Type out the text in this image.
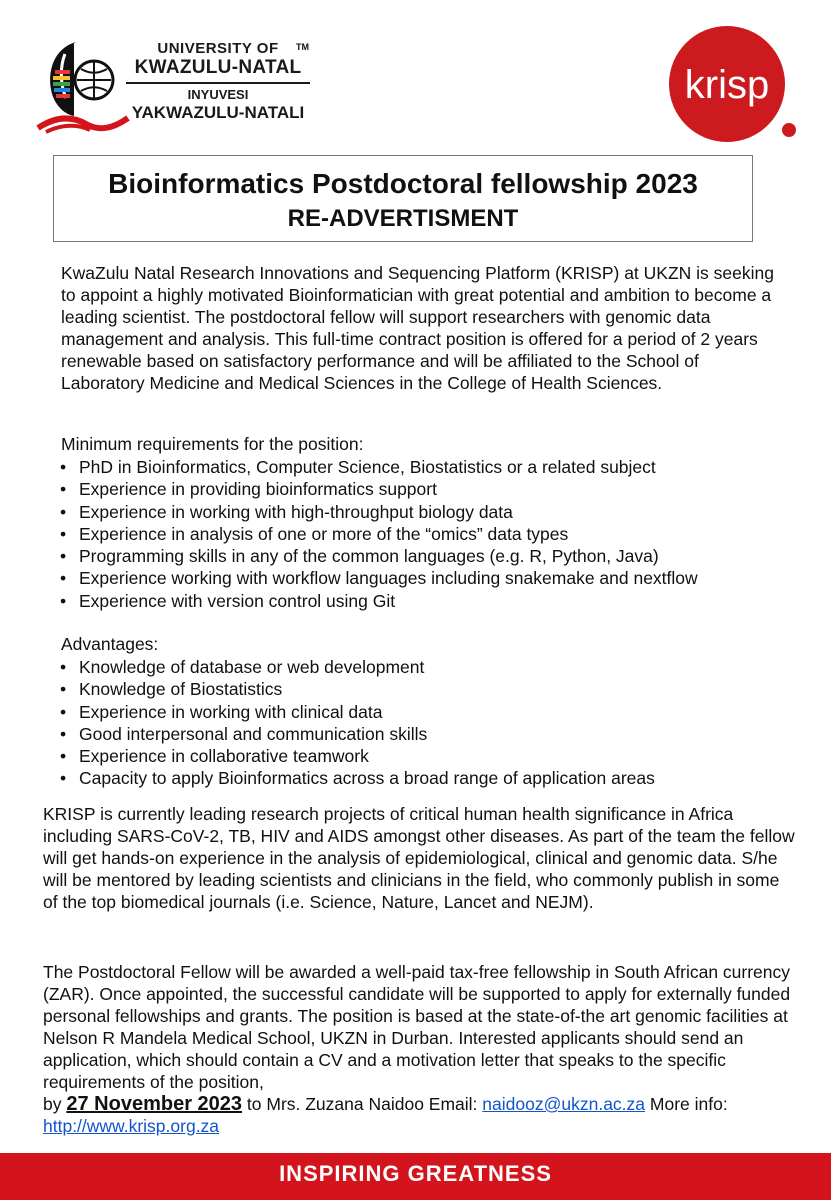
UNIVERSITY OF
KWAZULU-NATAL
INYUVESI
YAKWAZULU-NATALI
TM
krisp
Bioinformatics Postdoctoral fellowship 2023
RE-ADVERTISMENT
KwaZulu Natal Research Innovations and Sequencing Platform (KRISP) at UKZN is seeking to appoint a highly motivated Bioinformatician with great potential and ambition to become a leading scientist. The postdoctoral fellow will support researchers with genomic data management and analysis. This full-time contract position is offered for a period of 2 years renewable based on satisfactory performance and will be affiliated to the School of Laboratory Medicine and Medical Sciences in the College of Health Sciences.
Minimum requirements for the position:
• PhD in Bioinformatics, Computer Science, Biostatistics or a related subject
• Experience in providing bioinformatics support
• Experience in working with high-throughput biology data
• Experience in analysis of one or more of the “omics” data types
• Programming skills in any of the common languages (e.g. R, Python, Java)
• Experience working with workflow languages including snakemake and nextflow
• Experience with version control using Git
Advantages:
• Knowledge of database or web development
• Knowledge of Biostatistics
• Experience in working with clinical data
• Good interpersonal and communication skills
• Experience in collaborative teamwork
• Capacity to apply Bioinformatics across a broad range of application areas
KRISP is currently leading research projects of critical human health significance in Africa including SARS-CoV-2, TB, HIV and AIDS amongst other diseases. As part of the team the fellow will get hands-on experience in the analysis of epidemiological, clinical and genomic data. S/he will be mentored by leading scientists and clinicians in the field, who commonly publish in some of the top biomedical journals (i.e. Science, Nature, Lancet and NEJM).
The Postdoctoral Fellow will be awarded a well-paid tax-free fellowship in South African currency (ZAR). Once appointed, the successful candidate will be supported to apply for externally funded personal fellowships and grants. The position is based at the state-of-the art genomic facilities at Nelson R Mandela Medical School, UKZN in Durban. Interested applicants should send an application, which should contain a CV and a motivation letter that speaks to the specific requirements of the position,
by 27 November 2023 to Mrs. Zuzana Naidoo Email: naidooz@ukzn.ac.za More info: http://www.krisp.org.za
INSPIRING GREATNESS
